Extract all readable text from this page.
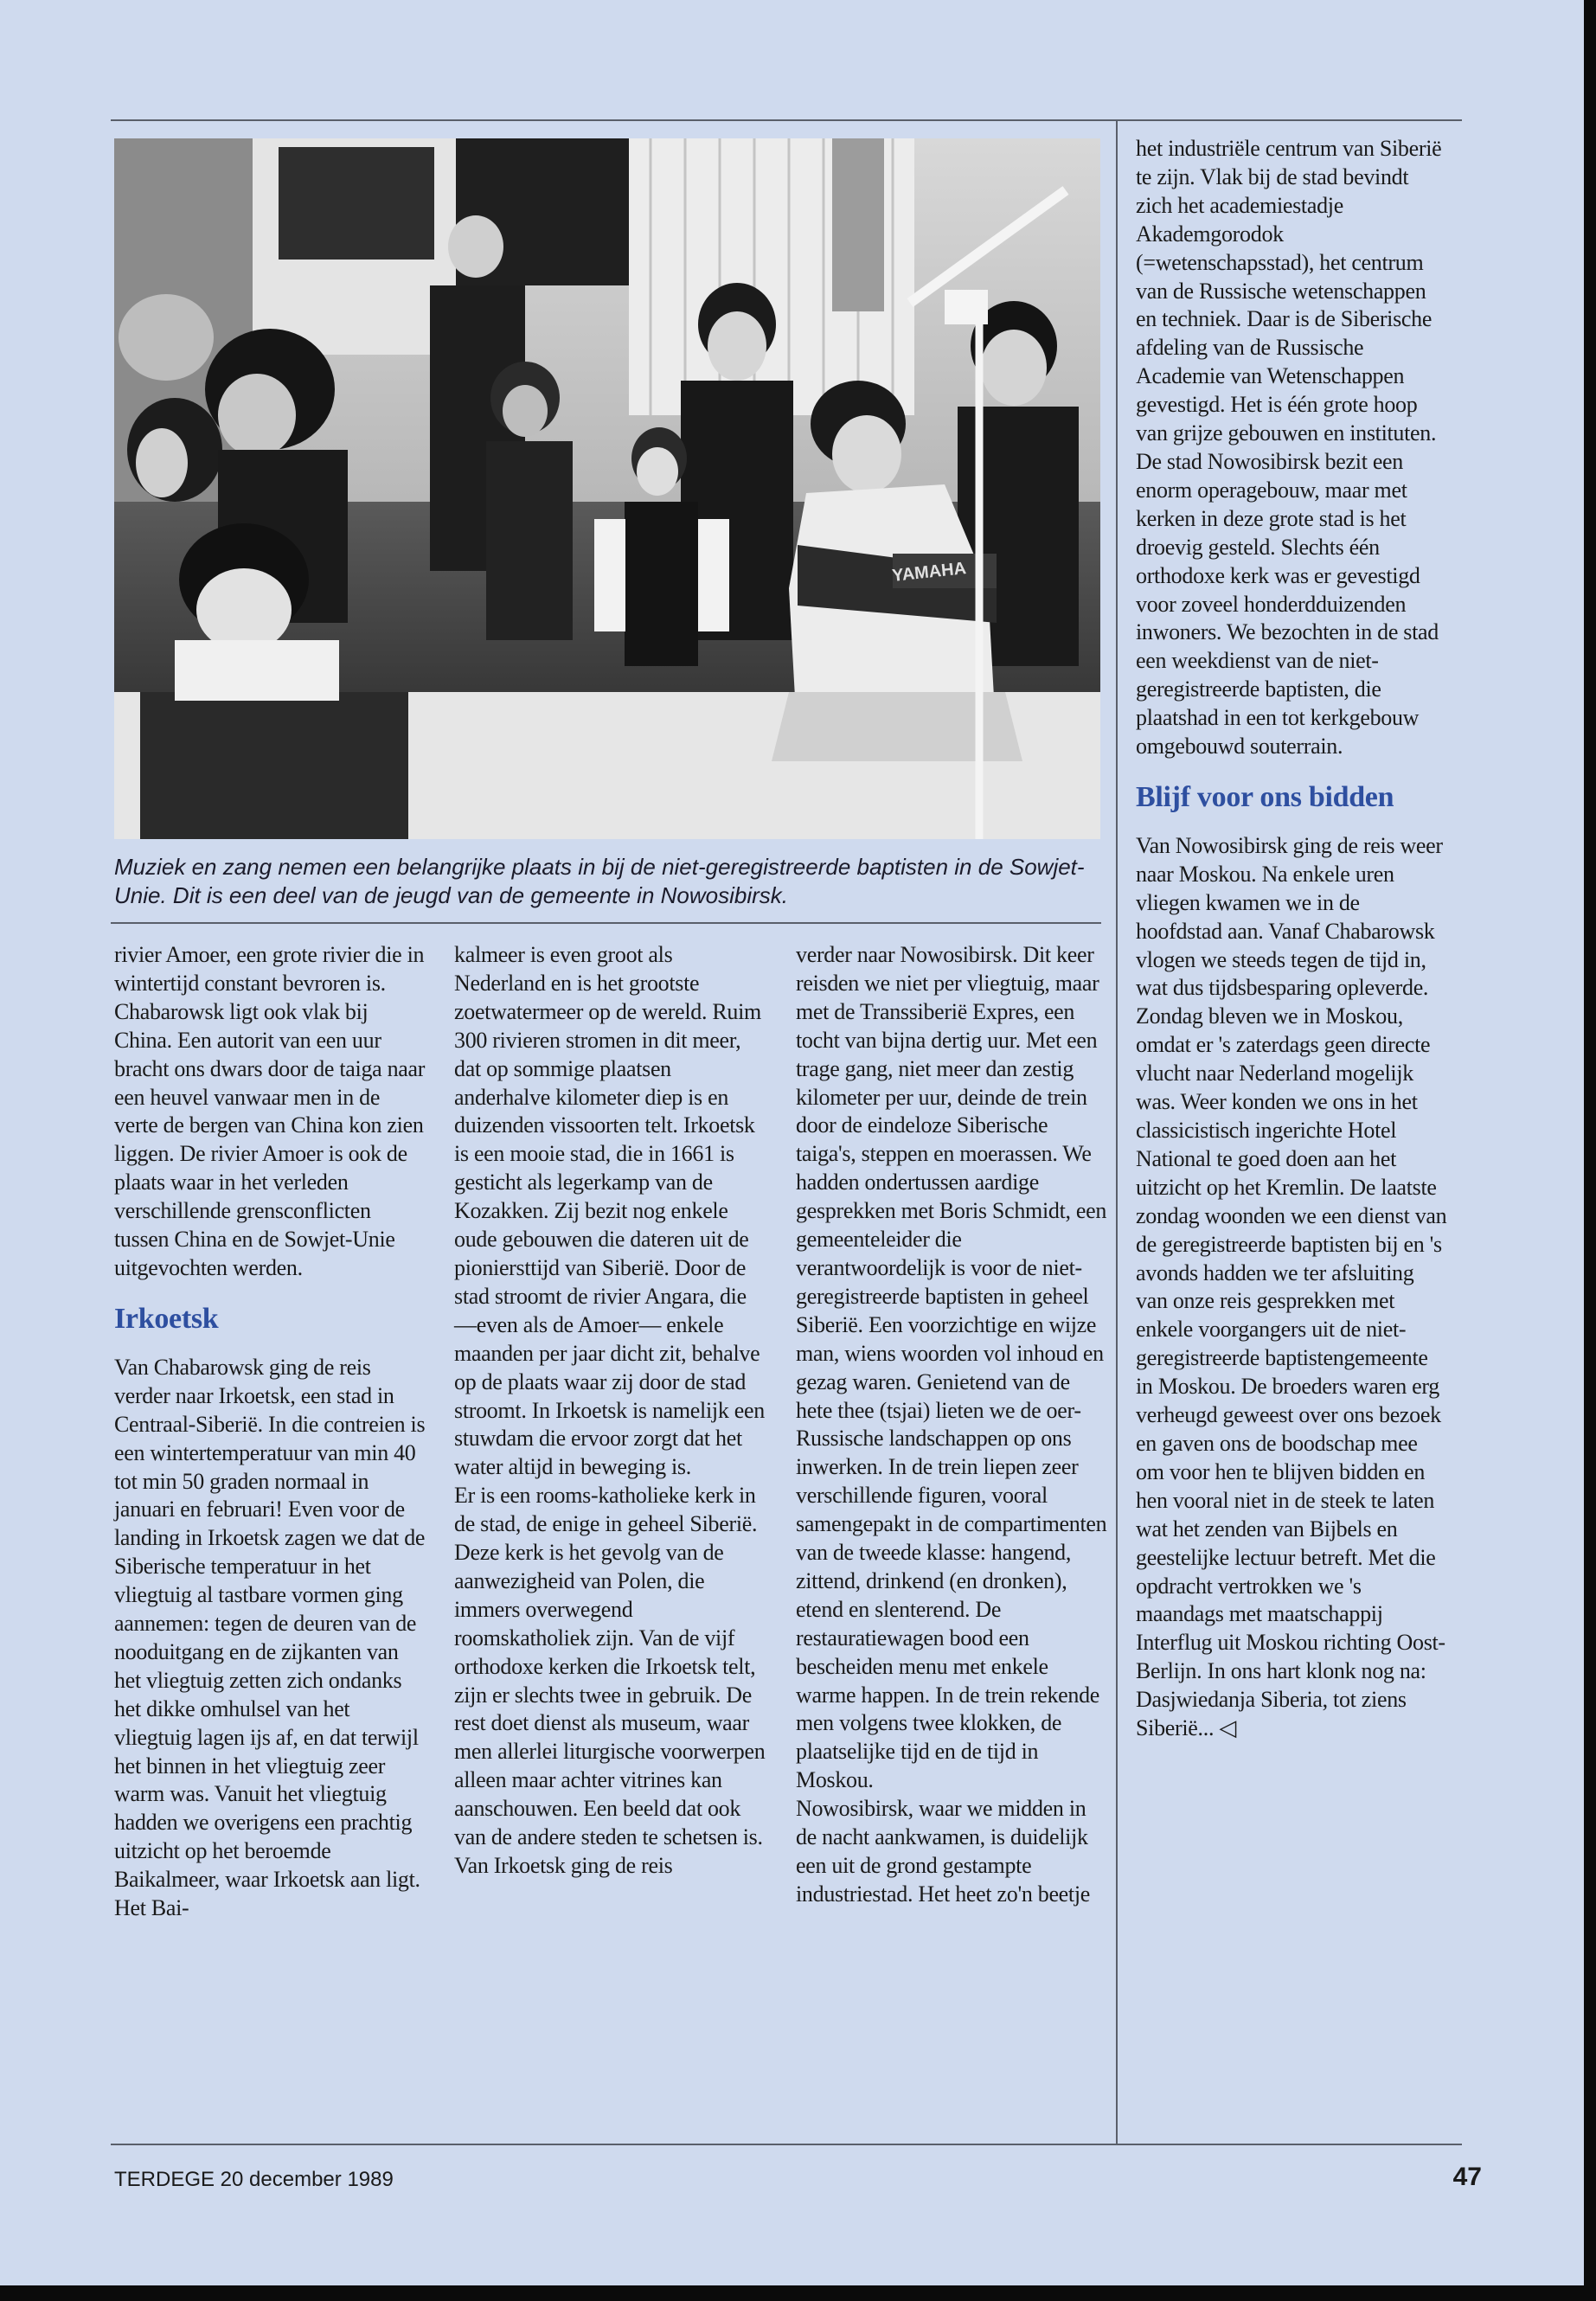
YAMAHA

Muziek en zang nemen een belangrijke plaats in bij de niet-geregistreerde baptisten in de Sowjet-Unie. Dit is een deel van de jeugd van de gemeente in Nowosibirsk.

rivier Amoer, een grote rivier die in wintertijd constant bevroren is. Chabarowsk ligt ook vlak bij China. Een autorit van een uur bracht ons dwars door de taiga naar een heuvel vanwaar men in de verte de bergen van China kon zien liggen. De rivier Amoer is ook de plaats waar in het verleden verschillende grensconflicten tussen China en de Sowjet-Unie uitgevochten werden.

Irkoetsk

Van Chabarowsk ging de reis verder naar Irkoetsk, een stad in Centraal-Siberië. In die contreien is een wintertemperatuur van min 40 tot min 50 graden normaal in januari en februari! Even voor de landing in Irkoetsk zagen we dat de Siberische temperatuur in het vliegtuig al tastbare vormen ging aannemen: tegen de deuren van de nooduitgang en de zijkanten van het vliegtuig zetten zich ondanks het dikke omhulsel van het vliegtuig lagen ijs af, en dat terwijl het binnen in het vliegtuig zeer warm was. Vanuit het vliegtuig hadden we overigens een prachtig uitzicht op het beroemde Baikalmeer, waar Irkoetsk aan ligt. Het Bai-

kalmeer is even groot als Nederland en is het grootste zoetwatermeer op de wereld. Ruim 300 rivieren stromen in dit meer, dat op sommige plaatsen anderhalve kilometer diep is en duizenden vissoorten telt. Irkoetsk is een mooie stad, die in 1661 is gesticht als legerkamp van de Kozakken. Zij bezit nog enkele oude gebouwen die dateren uit de pioniersttijd van Siberië. Door de stad stroomt de rivier Angara, die —even als de Amoer— enkele maanden per jaar dicht zit, behalve op de plaats waar zij door de stad stroomt. In Irkoetsk is namelijk een stuwdam die ervoor zorgt dat het water altijd in beweging is.

Er is een rooms-katholieke kerk in de stad, de enige in geheel Siberië. Deze kerk is het gevolg van de aanwezigheid van Polen, die immers overwegend roomskatholiek zijn. Van de vijf orthodoxe kerken die Irkoetsk telt, zijn er slechts twee in gebruik. De rest doet dienst als museum, waar men allerlei liturgische voorwerpen alleen maar achter vitrines kan aanschouwen. Een beeld dat ook van de andere steden te schetsen is.

Van Irkoetsk ging de reis

verder naar Nowosibirsk. Dit keer reisden we niet per vliegtuig, maar met de Transsiberië Expres, een tocht van bijna dertig uur. Met een trage gang, niet meer dan zestig kilometer per uur, deinde de trein door de eindeloze Siberische taiga's, steppen en moerassen. We hadden ondertussen aardige gesprekken met Boris Schmidt, een gemeenteleider die verantwoordelijk is voor de niet-geregistreerde baptisten in geheel Siberië. Een voorzichtige en wijze man, wiens woorden vol inhoud en gezag waren. Genietend van de hete thee (tsjai) lieten we de oer-Russische landschappen op ons inwerken. In de trein liepen zeer verschillende figuren, vooral samengepakt in de compartimenten van de tweede klasse: hangend, zittend, drinkend (en dronken), etend en slenterend. De restauratiewagen bood een bescheiden menu met enkele warme happen. In de trein rekende men volgens twee klokken, de plaatselijke tijd en de tijd in Moskou.

Nowosibirsk, waar we midden in de nacht aankwamen, is duidelijk een uit de grond gestampte industriestad. Het heet zo'n beetje

het industriële centrum van Siberië te zijn. Vlak bij de stad bevindt zich het academiestadje Akademgorodok (=wetenschapsstad), het centrum van de Russische wetenschappen en techniek. Daar is de Siberische afdeling van de Russische Academie van Wetenschappen gevestigd. Het is één grote hoop van grijze gebouwen en instituten.

De stad Nowosibirsk bezit een enorm operagebouw, maar met kerken in deze grote stad is het droevig gesteld. Slechts één orthodoxe kerk was er gevestigd voor zoveel honderdduizenden inwoners. We bezochten in de stad een weekdienst van de niet-geregistreerde baptisten, die plaatshad in een tot kerkgebouw omgebouwd souterrain.

Blijf voor ons bidden

Van Nowosibirsk ging de reis weer naar Moskou. Na enkele uren vliegen kwamen we in de hoofdstad aan. Vanaf Chabarowsk vlogen we steeds tegen de tijd in, wat dus tijdsbesparing opleverde. Zondag bleven we in Moskou, omdat er 's zaterdags geen directe vlucht naar Nederland mogelijk was. Weer konden we ons in het classicistisch ingerichte Hotel National te goed doen aan het uitzicht op het Kremlin. De laatste zondag woonden we een dienst van de geregistreerde baptisten bij en 's avonds hadden we ter afsluiting van onze reis gesprekken met enkele voorgangers uit de niet-geregistreerde baptistengemeente in Moskou. De broeders waren erg verheugd geweest over ons bezoek en gaven ons de boodschap mee om voor hen te blijven bidden en hen vooral niet in de steek te laten wat het zenden van Bijbels en geestelijke lectuur betreft. Met die opdracht vertrokken we 's maandags met maatschappij Interflug uit Moskou richting Oost-Berlijn. In ons hart klonk nog na: Dasjwiedanja Siberia, tot ziens Siberië... ◁

TERDEGE 20 december 1989	47
